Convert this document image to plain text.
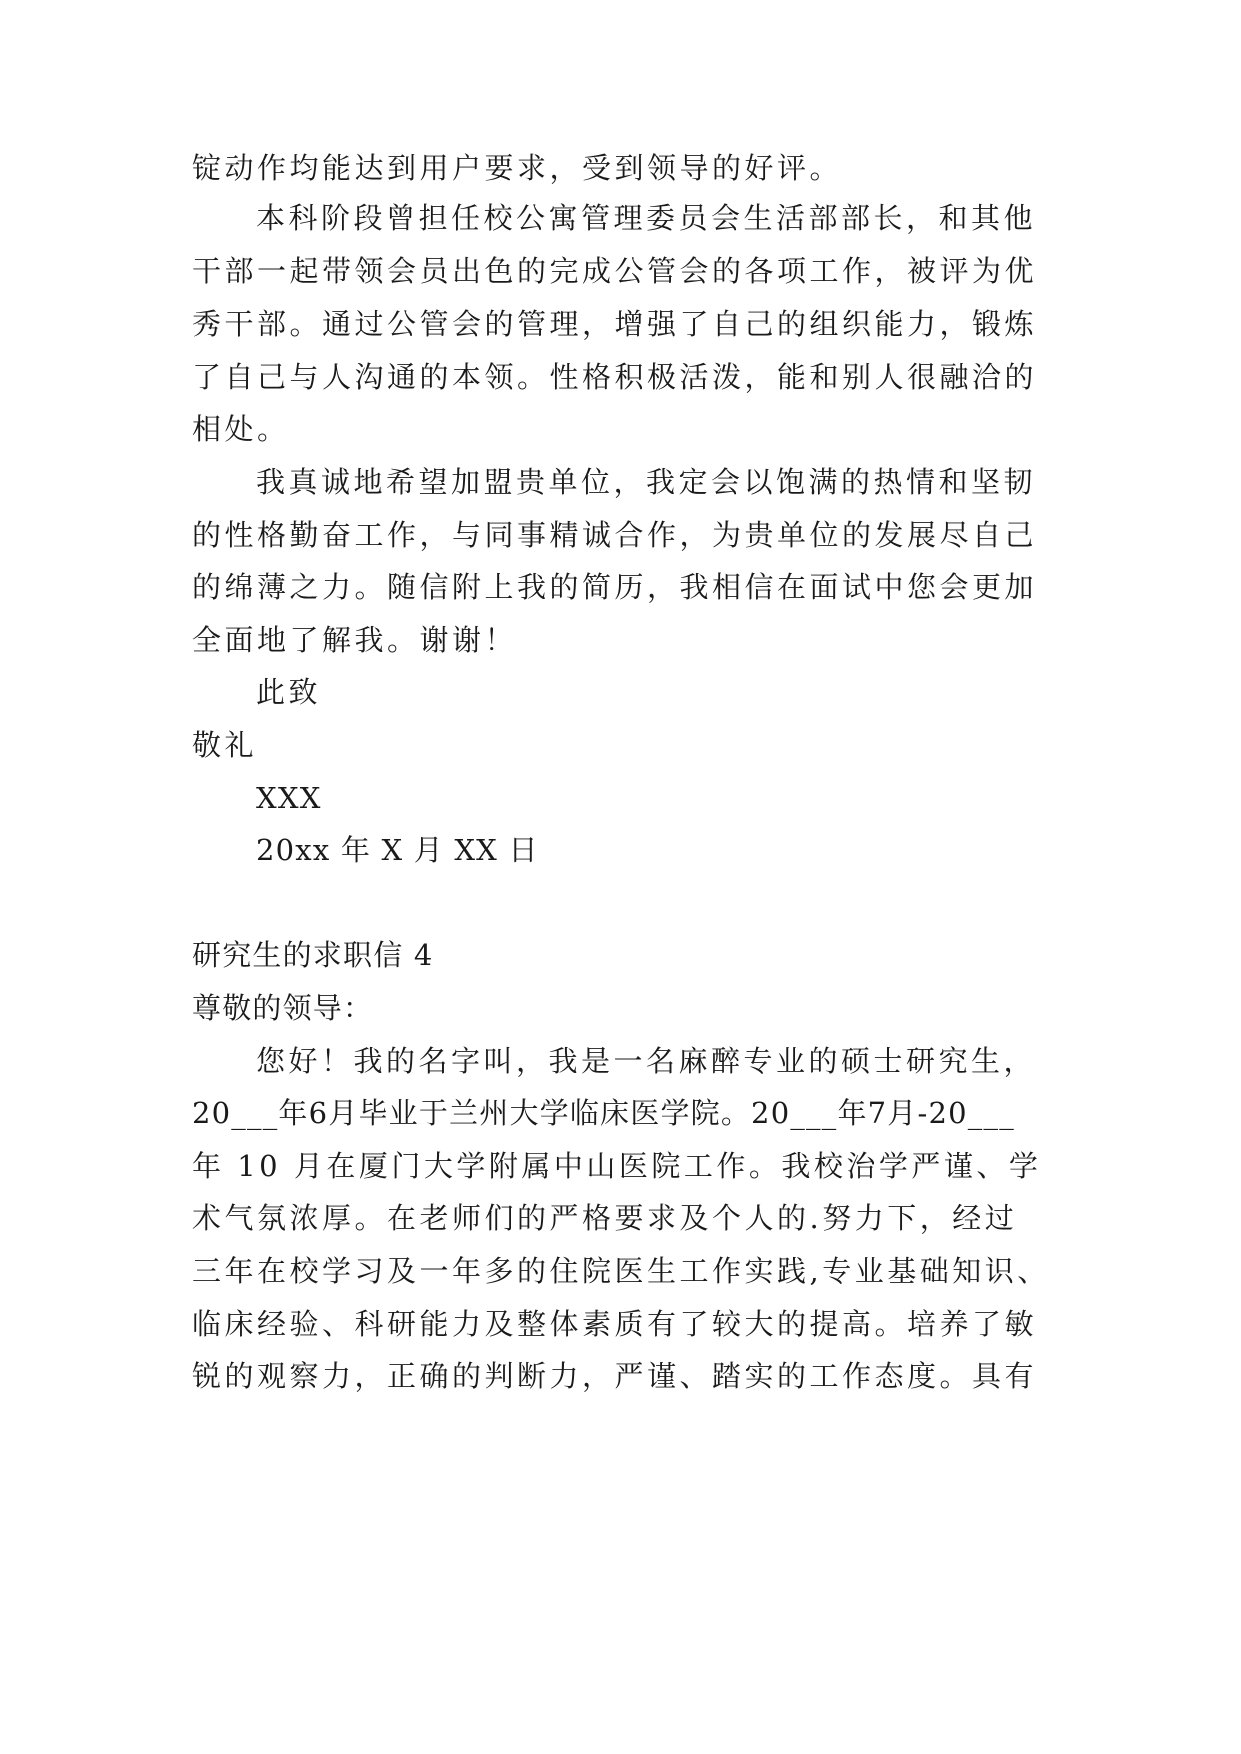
锭动作均能达到用户要求，受到领导的好评。
本科阶段曾担任校公寓管理委员会生活部部长，和其他
干部一起带领会员出色的完成公管会的各项工作，被评为优
秀干部。通过公管会的管理，增强了自己的组织能力，锻炼
了自己与人沟通的本领。性格积极活泼，能和别人很融洽的
相处。
我真诚地希望加盟贵单位，我定会以饱满的热情和坚韧
的性格勤奋工作，与同事精诚合作，为贵单位的发展尽自己
的绵薄之力。随信附上我的简历，我相信在面试中您会更加
全面地了解我。谢谢！
此致
敬礼
XXX
20xx 年 X 月 XX 日
研究生的求职信 4
尊敬的领导：
您好！我的名字叫，我是一名麻醉专业的硕士研究生，
20___年6月毕业于兰州大学临床医学院。20___年7月-20___
年 10 月在厦门大学附属中山医院工作。我校治学严谨、学
术气氛浓厚。在老师们的严格要求及个人的.努力下，经过
三年在校学习及一年多的住院医生工作实践,专业基础知识、
临床经验、科研能力及整体素质有了较大的提高。培养了敏
锐的观察力，正确的判断力，严谨、踏实的工作态度。具有
